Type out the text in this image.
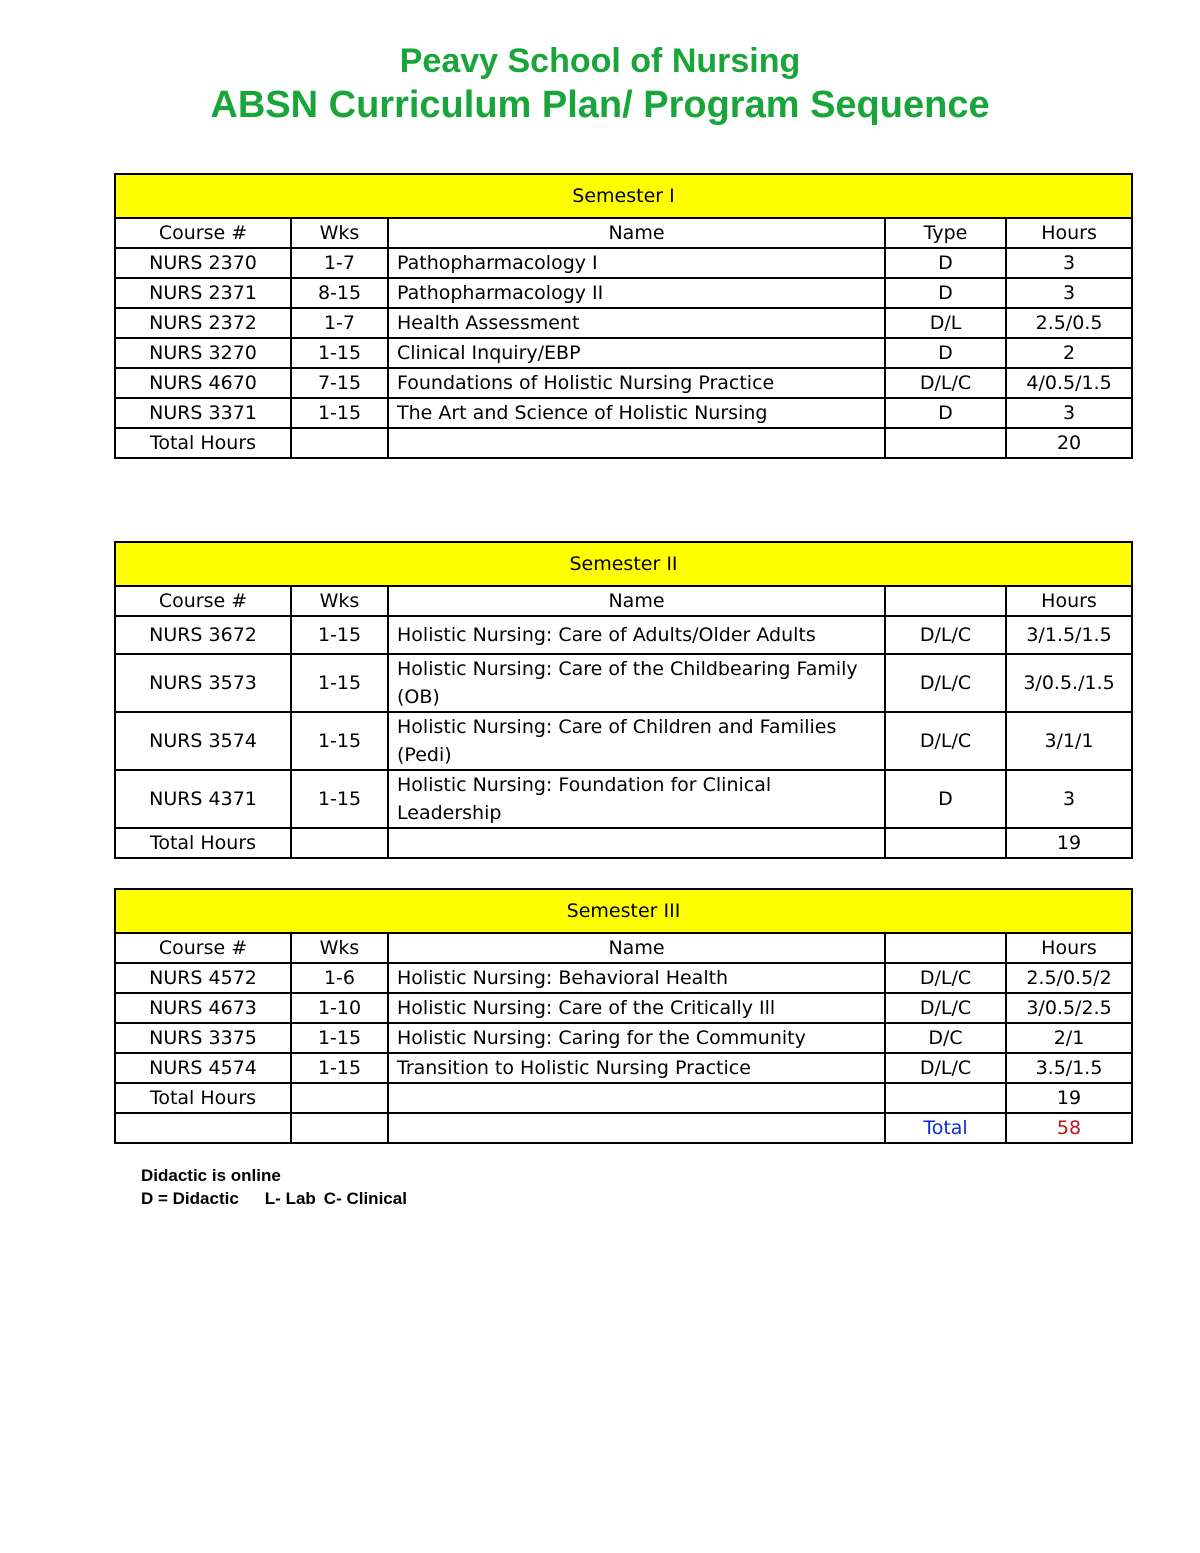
Peavy School of Nursing
ABSN Curriculum Plan/ Program Sequence
Semester I				
Course #	Wks	Name	Type	Hours
NURS 2370	1-7	Pathopharmacology I	D	3
NURS 2371	8-15	Pathopharmacology II	D	3
NURS 2372	1-7	Health Assessment	D/L	2.5/0.5
NURS 3270	1-15	Clinical Inquiry/EBP	D	2
NURS 4670	7-15	Foundations of Holistic Nursing Practice	D/L/C	4/0.5/1.5
NURS 3371	1-15	The Art and Science of Holistic Nursing	D	3
Total Hours				20
Semester II				
Course #	Wks	Name		Hours
NURS 3672	1-15	Holistic Nursing: Care of Adults/Older Adults	D/L/C	3/1.5/1.5
NURS 3573	1-15	Holistic Nursing: Care of the Childbearing Family (OB)	D/L/C	3/0.5./1.5
NURS 3574	1-15	Holistic Nursing: Care of Children and Families (Pedi)	D/L/C	3/1/1
NURS 4371	1-15	Holistic Nursing: Foundation for Clinical Leadership	D	3
Total Hours				19
Semester III				
Course #	Wks	Name		Hours
NURS 4572	1-6	Holistic Nursing: Behavioral Health	D/L/C	2.5/0.5/2
NURS 4673	1-10	Holistic Nursing: Care of the Critically Ill	D/L/C	3/0.5/2.5
NURS 3375	1-15	Holistic Nursing: Caring for the Community	D/C	2/1
NURS 4574	1-15	Transition to Holistic Nursing Practice	D/L/C	3.5/1.5
Total Hours				19
			Total	58
Didactic is online
D = Didactic L- Lab C- Clinical
